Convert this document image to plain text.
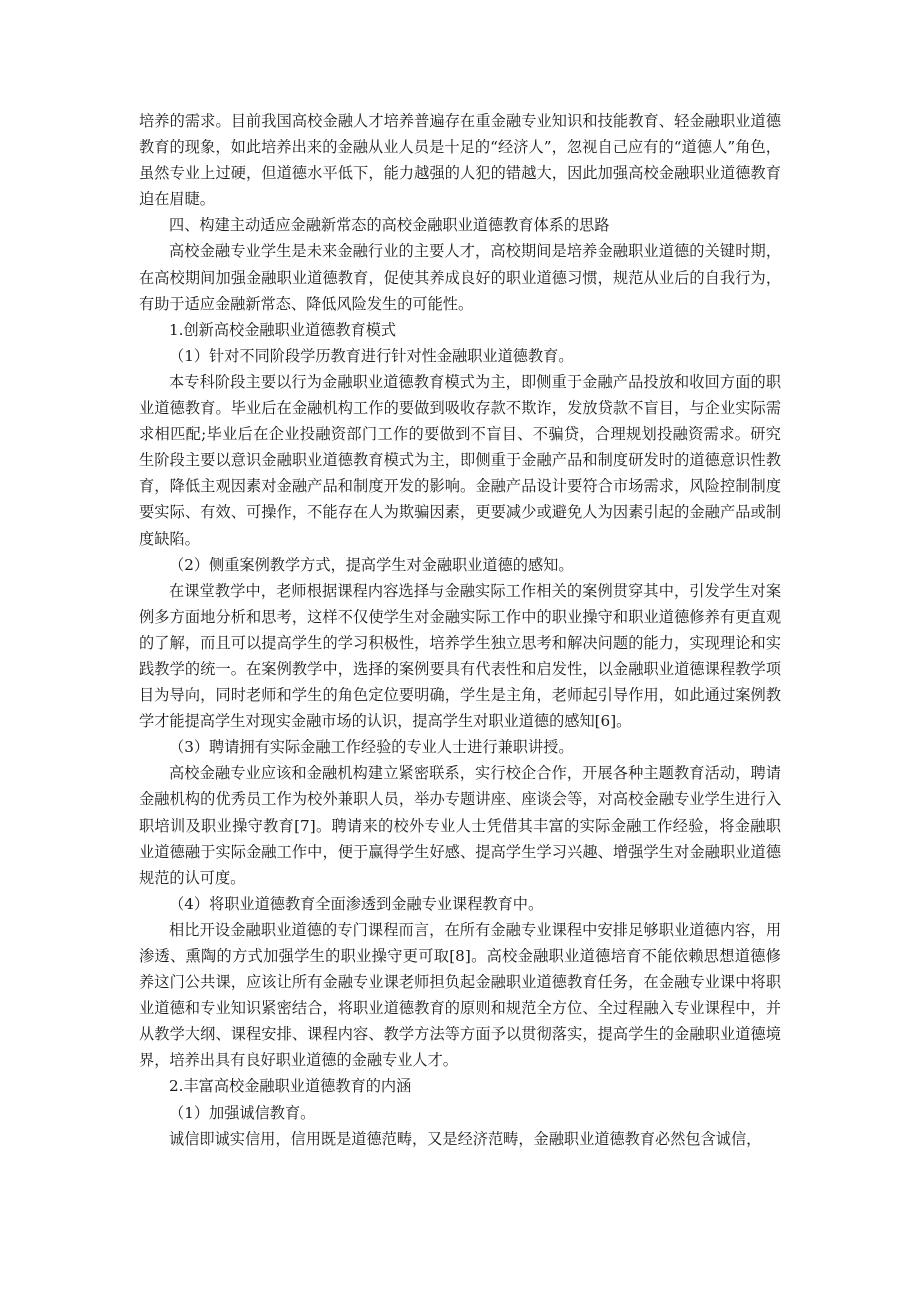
培养的需求。目前我国高校金融人才培养普遍存在重金融专业知识和技能教育、轻金融职业道德教育的现象，如此培养出来的金融从业人员是十足的“经济人”，忽视自己应有的“道德人”角色，虽然专业上过硬，但道德水平低下，能力越强的人犯的错越大，因此加强高校金融职业道德教育迫在眉睫。

四、构建主动适应金融新常态的高校金融职业道德教育体系的思路

高校金融专业学生是未来金融行业的主要人才，高校期间是培养金融职业道德的关键时期，在高校期间加强金融职业道德教育，促使其养成良好的职业道德习惯，规范从业后的自我行为，有助于适应金融新常态、降低风险发生的可能性。

1.创新高校金融职业道德教育模式

（1）针对不同阶段学历教育进行针对性金融职业道德教育。

本专科阶段主要以行为金融职业道德教育模式为主，即侧重于金融产品投放和收回方面的职业道德教育。毕业后在金融机构工作的要做到吸收存款不欺诈，发放贷款不盲目，与企业实际需求相匹配;毕业后在企业投融资部门工作的要做到不盲目、不骗贷，合理规划投融资需求。研究生阶段主要以意识金融职业道德教育模式为主，即侧重于金融产品和制度研发时的道德意识性教育，降低主观因素对金融产品和制度开发的影响。金融产品设计要符合市场需求，风险控制制度要实际、有效、可操作，不能存在人为欺骗因素，更要减少或避免人为因素引起的金融产品或制度缺陷。

（2）侧重案例教学方式，提高学生对金融职业道德的感知。

在课堂教学中，老师根据课程内容选择与金融实际工作相关的案例贯穿其中，引发学生对案例多方面地分析和思考，这样不仅使学生对金融实际工作中的职业操守和职业道德修养有更直观的了解，而且可以提高学生的学习积极性，培养学生独立思考和解决问题的能力，实现理论和实践教学的统一。在案例教学中，选择的案例要具有代表性和启发性，以金融职业道德课程教学项目为导向，同时老师和学生的角色定位要明确，学生是主角，老师起引导作用，如此通过案例教学才能提高学生对现实金融市场的认识，提高学生对职业道德的感知[6]。

（3）聘请拥有实际金融工作经验的专业人士进行兼职讲授。

高校金融专业应该和金融机构建立紧密联系，实行校企合作，开展各种主题教育活动，聘请金融机构的优秀员工作为校外兼职人员，举办专题讲座、座谈会等，对高校金融专业学生进行入职培训及职业操守教育[7]。聘请来的校外专业人士凭借其丰富的实际金融工作经验，将金融职业道德融于实际金融工作中，便于赢得学生好感、提高学生学习兴趣、增强学生对金融职业道德规范的认可度。

（4）将职业道德教育全面渗透到金融专业课程教育中。

相比开设金融职业道德的专门课程而言，在所有金融专业课程中安排足够职业道德内容，用渗透、熏陶的方式加强学生的职业操守更可取[8]。高校金融职业道德培育不能依赖思想道德修养这门公共课，应该让所有金融专业课老师担负起金融职业道德教育任务，在金融专业课中将职业道德和专业知识紧密结合，将职业道德教育的原则和规范全方位、全过程融入专业课程中，并从教学大纲、课程安排、课程内容、教学方法等方面予以贯彻落实，提高学生的金融职业道德境界，培养出具有良好职业道德的金融专业人才。

2.丰富高校金融职业道德教育的内涵

（1）加强诚信教育。

诚信即诚实信用，信用既是道德范畴，又是经济范畴，金融职业道德教育必然包含诚信，
